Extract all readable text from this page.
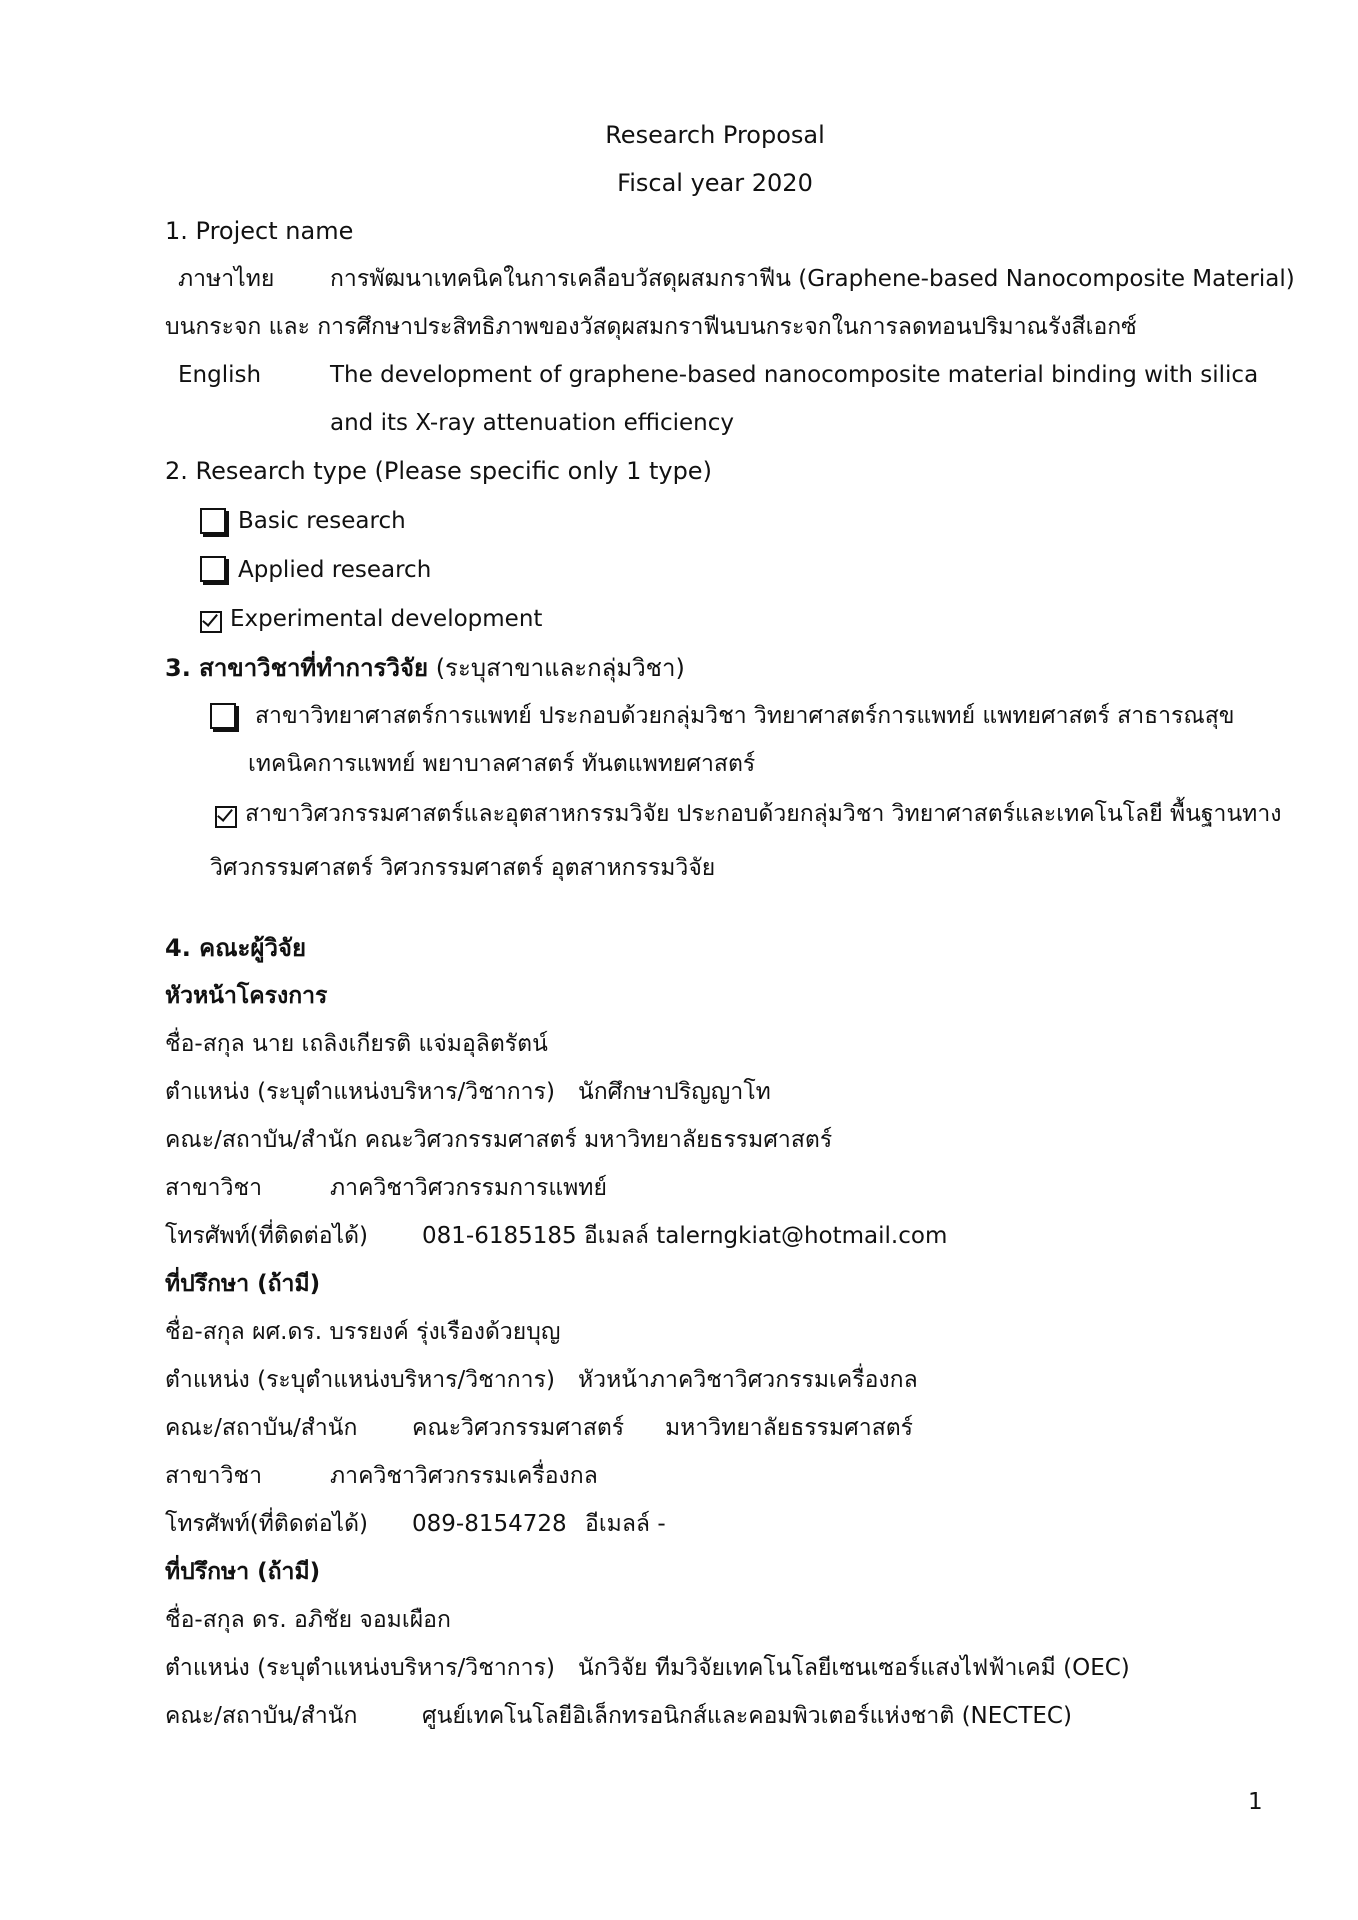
Research Proposal
Fiscal year 2020
1. Project name
ภาษาไทย การพัฒนาเทคนิคในการเคลือบวัสดุผสมกราฟีน (Graphene-based Nanocomposite Material)
บนกระจก และ การศึกษาประสิทธิภาพของวัสดุผสมกราฟีนบนกระจกในการลดทอนปริมาณรังสีเอกซ์
English	The development of graphene-based nanocomposite material binding with silica
and its X-ray attenuation efficiency
2. Research type (Please specific only 1 type)
Basic research
Applied research
Experimental development
3. สาขาวิชาที่ทำการวิจัย (ระบุสาขาและกลุ่มวิชา)
สาขาวิทยาศาสตร์การแพทย์ ประกอบด้วยกลุ่มวิชา วิทยาศาสตร์การแพทย์ แพทยศาสตร์ สาธารณสุข
เทคนิคการแพทย์ พยาบาลศาสตร์ ทันตแพทยศาสตร์
สาขาวิศวกรรมศาสตร์และอุตสาหกรรมวิจัย ประกอบด้วยกลุ่มวิชา วิทยาศาสตร์และเทคโนโลยี พื้นฐานทาง
วิศวกรรมศาสตร์ วิศวกรรมศาสตร์ อุตสาหกรรมวิจัย
4. คณะผู้วิจัย
หัวหน้าโครงการ
ชื่อ-สกุล นาย เถลิงเกียรติ แจ่มอุลิตรัตน์
ตำแหน่ง (ระบุตำแหน่งบริหาร/วิชาการ) นักศึกษาปริญญาโท
คณะ/สถาบัน/สำนัก คณะวิศวกรรมศาสตร์ มหาวิทยาลัยธรรมศาสตร์
สาขาวิชา	ภาควิชาวิศวกรรมการแพทย์
โทรศัพท์(ที่ติดต่อได้) 081-6185185 อีเมลล์ talerngkiat@hotmail.com
ที่ปรึกษา (ถ้ามี)
ชื่อ-สกุล ผศ.ดร. บรรยงค์ รุ่งเรืองด้วยบุญ
ตำแหน่ง (ระบุตำแหน่งบริหาร/วิชาการ) หัวหน้าภาควิชาวิศวกรรมเครื่องกล
คณะ/สถาบัน/สำนัก คณะวิศวกรรมศาสตร์ มหาวิทยาลัยธรรมศาสตร์
สาขาวิชา	ภาควิชาวิศวกรรมเครื่องกล
โทรศัพท์(ที่ติดต่อได้) 089-8154728 อีเมลล์ -
ที่ปรึกษา (ถ้ามี)
ชื่อ-สกุล ดร. อภิชัย จอมเผือก
ตำแหน่ง (ระบุตำแหน่งบริหาร/วิชาการ) นักวิจัย ทีมวิจัยเทคโนโลยีเซนเซอร์แสงไฟฟ้าเคมี (OEC)
คณะ/สถาบัน/สำนัก	ศูนย์เทคโนโลยีอิเล็กทรอนิกส์และคอมพิวเตอร์แห่งชาติ (NECTEC)
1
